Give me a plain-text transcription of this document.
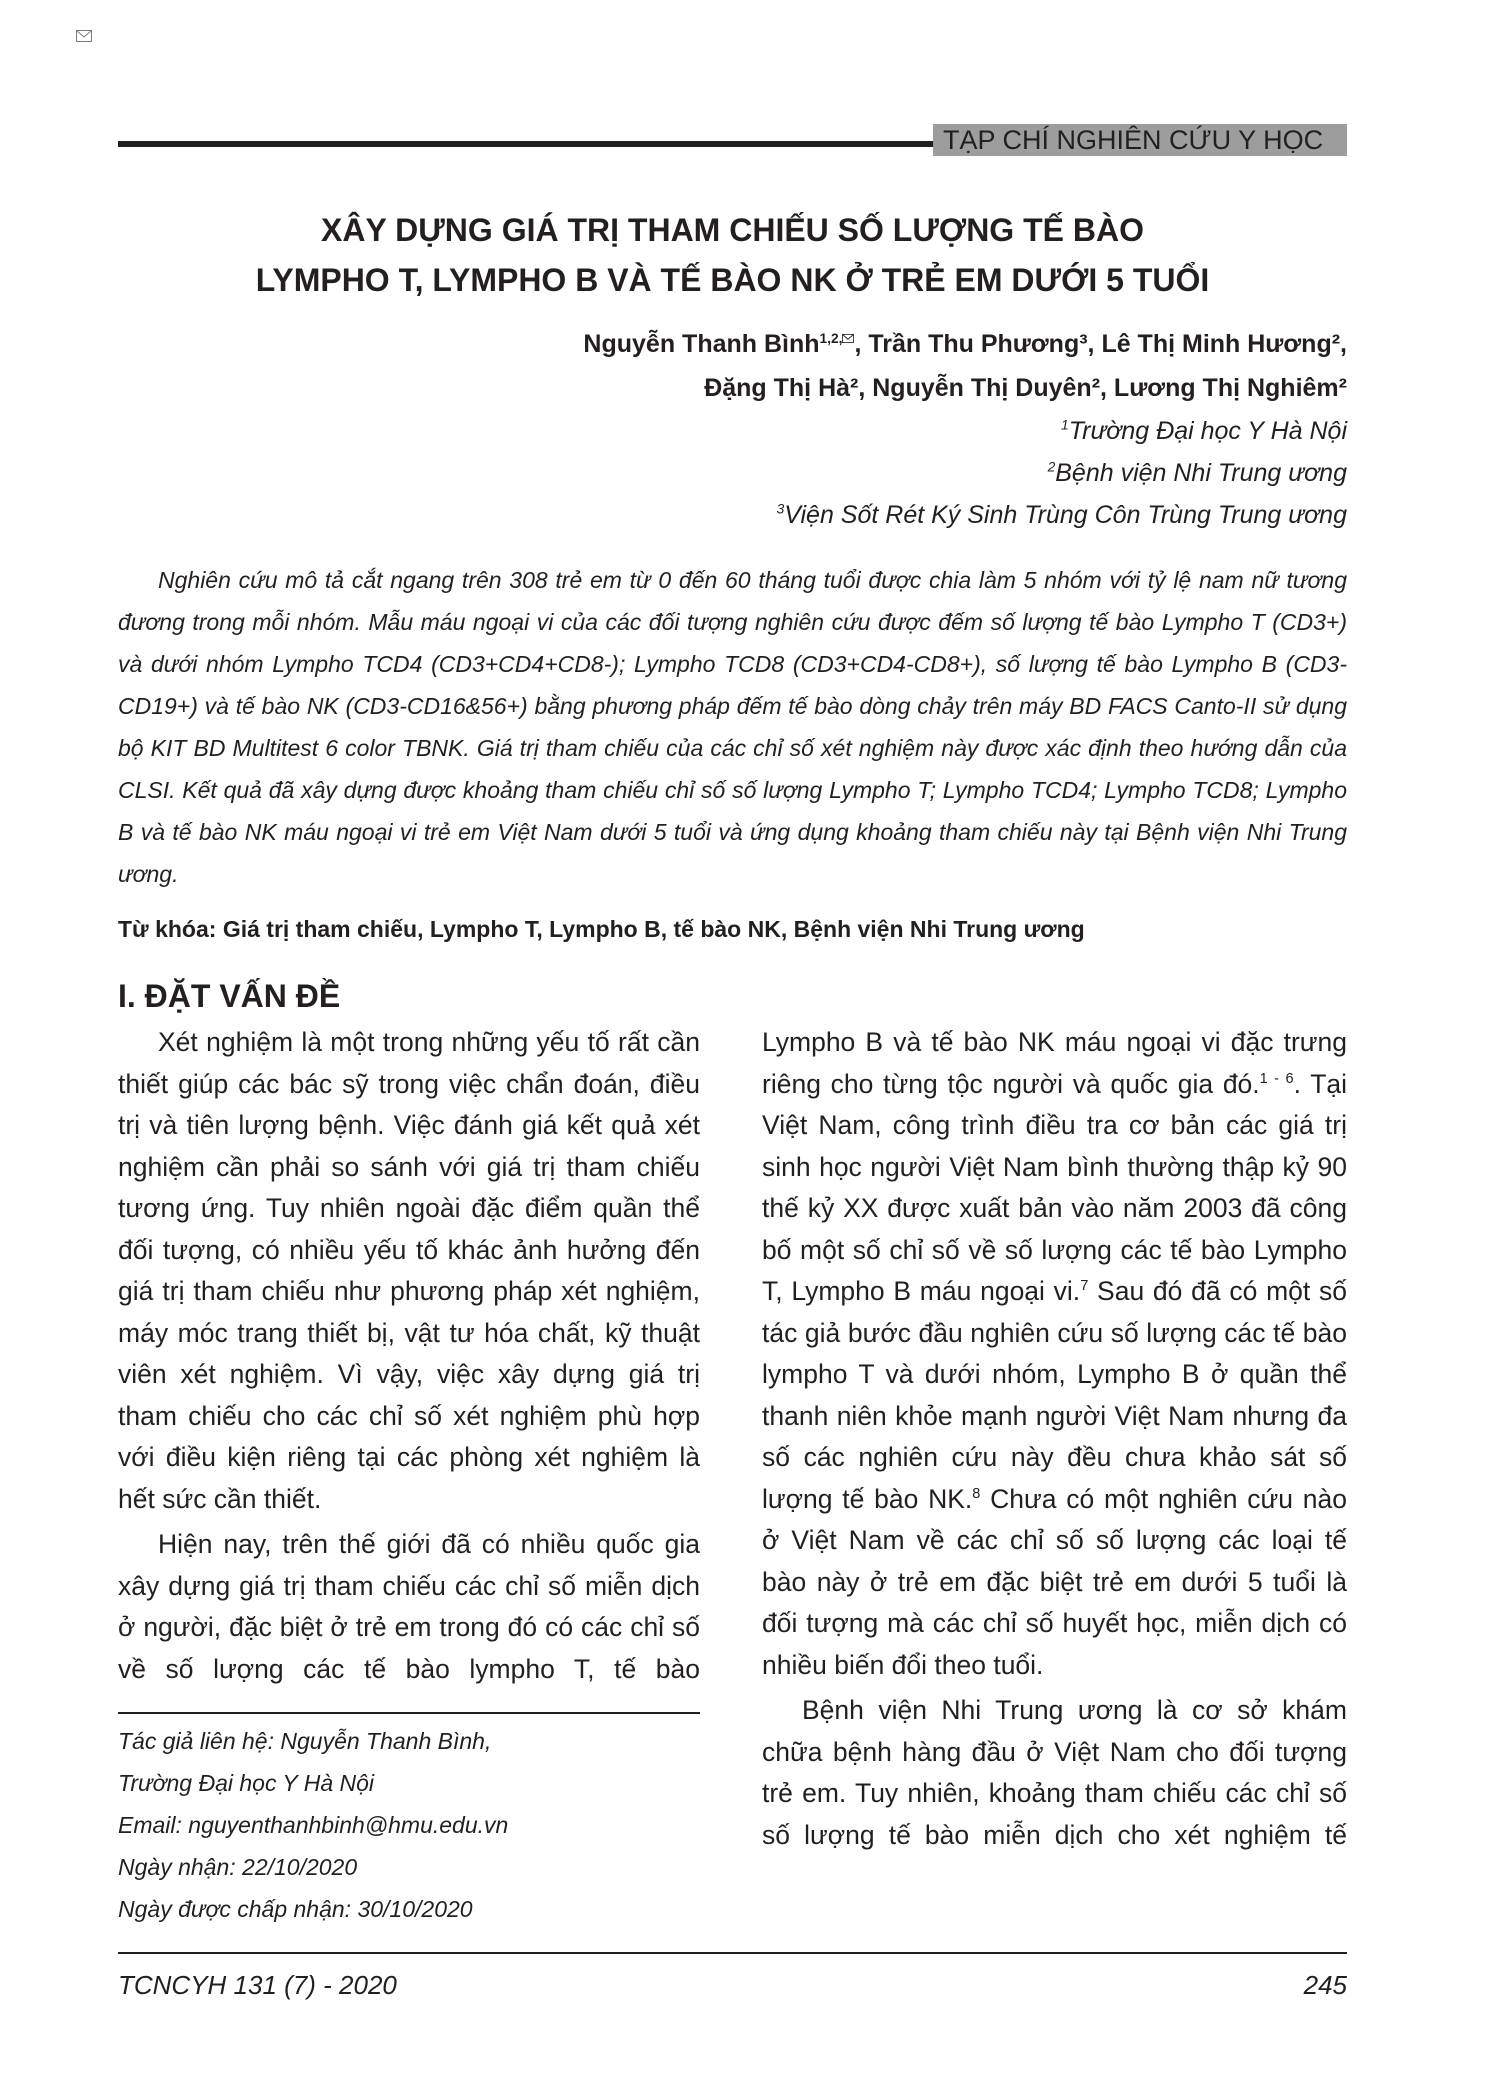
TẠP CHÍ NGHIÊN CỨU Y HỌC
XÂY DỰNG GIÁ TRỊ THAM CHIẾU SỐ LƯỢNG TẾ BÀO
LYMPHO T, LYMPHO B VÀ TẾ BÀO NK Ở TRẺ EM DƯỚI 5 TUỔI
Nguyễn Thanh Bình$^{1,2,}$ , Trần Thu Phương³, Lê Thị Minh Hương²,
Đặng Thị Hà², Nguyễn Thị Duyên², Lương Thị Nghiêm²
$^1$Trường Đại học Y Hà Nội
$^2$Bệnh viện Nhi Trung ương
$^3$Viện Sốt Rét Ký Sinh Trùng Côn Trùng Trung ương

Nghiên cứu mô tả cắt ngang trên 308 trẻ em từ 0 đến 60 tháng tuổi được chia làm 5 nhóm với tỷ lệ nam nữ tương đương trong mỗi nhóm. Mẫu máu ngoại vi của các đối tượng nghiên cứu được đếm số lượng tế bào Lympho T (CD3+) và dưới nhóm Lympho TCD4 (CD3+CD4+CD8-); Lympho TCD8 (CD3+CD4-CD8+), số lượng tế bào Lympho B (CD3-CD19+) và tế bào NK (CD3-CD16&56+) bằng phương pháp đếm tế bào dòng chảy trên máy BD FACS Canto-II sử dụng bộ KIT BD Multitest 6 color TBNK. Giá trị tham chiếu của các chỉ số xét nghiệm này được xác định theo hướng dẫn của CLSI. Kết quả đã xây dựng được khoảng tham chiếu chỉ số số lượng Lympho T; Lympho TCD4; Lympho TCD8; Lympho B và tế bào NK máu ngoại vi trẻ em Việt Nam dưới 5 tuổi và ứng dụng khoảng tham chiếu này tại Bệnh viện Nhi Trung ương.

Từ khóa: Giá trị tham chiếu, Lympho T, Lympho B, tế bào NK, Bệnh viện Nhi Trung ương
I. ĐẶT VẤN ĐỀ

Xét nghiệm là một trong những yếu tố rất cần thiết giúp các bác sỹ trong việc chẩn đoán, điều trị và tiên lượng bệnh. Việc đánh giá kết quả xét nghiệm cần phải so sánh với giá trị tham chiếu tương ứng. Tuy nhiên ngoài đặc điểm quần thể đối tượng, có nhiều yếu tố khác ảnh hưởng đến giá trị tham chiếu như phương pháp xét nghiệm, máy móc trang thiết bị, vật tư hóa chất, kỹ thuật viên xét nghiệm. Vì vậy, việc xây dựng giá trị tham chiếu cho các chỉ số xét nghiệm phù hợp với điều kiện riêng tại các phòng xét nghiệm là hết sức cần thiết.

Hiện nay, trên thế giới đã có nhiều quốc gia xây dựng giá trị tham chiếu các chỉ số miễn dịch ở người, đặc biệt ở trẻ em trong đó có các chỉ số về số lượng các tế bào lympho T, tế bào

Lympho B và tế bào NK máu ngoại vi đặc trưng riêng cho từng tộc người và quốc gia đó.$^{1 - 6}$. Tại Việt Nam, công trình điều tra cơ bản các giá trị sinh học người Việt Nam bình thường thập kỷ 90 thế kỷ XX được xuất bản vào năm 2003 đã công bố một số chỉ số về số lượng các tế bào Lympho T, Lympho B máu ngoại vi.$^7$ Sau đó đã có một số tác giả bước đầu nghiên cứu số lượng các tế bào lympho T và dưới nhóm, Lympho B ở quần thể thanh niên khỏe mạnh người Việt Nam nhưng đa số các nghiên cứu này đều chưa khảo sát số lượng tế bào NK.$^8$ Chưa có một nghiên cứu nào ở Việt Nam về các chỉ số số lượng các loại tế bào này ở trẻ em đặc biệt trẻ em dưới 5 tuổi là đối tượng mà các chỉ số huyết học, miễn dịch có nhiều biến đổi theo tuổi.

Bệnh viện Nhi Trung ương là cơ sở khám chữa bệnh hàng đầu ở Việt Nam cho đối tượng trẻ em. Tuy nhiên, khoảng tham chiếu các chỉ số số lượng tế bào miễn dịch cho xét nghiệm tế

Tác giả liên hệ: Nguyễn Thanh Bình,
Trường Đại học Y Hà Nội
Email: nguyenthanhbinh@hmu.edu.vn
Ngày nhận: 22/10/2020
Ngày được chấp nhận: 30/10/2020
TCNCYH 131 (7) - 2020	245
